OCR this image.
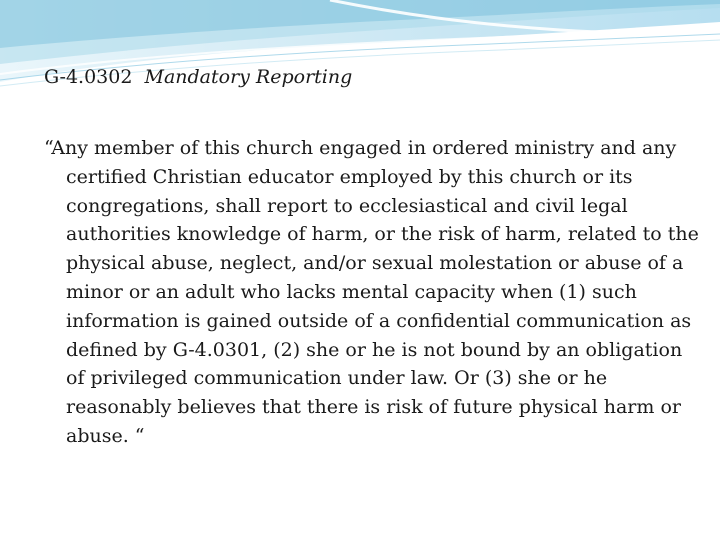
G-4.0302 Mandatory Reporting

“Any member of this church engaged in ordered ministry and any certified Christian educator employed by this church or its congregations, shall report to ecclesiastical and civil legal authorities knowledge of harm, or the risk of harm, related to the physical abuse, neglect, and/or sexual molestation or abuse of a minor or an adult who lacks mental capacity when (1) such information is gained outside of a confidential communication as defined by G-4.0301, (2) she or he is not bound by an obligation of privileged communication under law. Or (3) she or he reasonably believes that there is risk of future physical harm or abuse. “
